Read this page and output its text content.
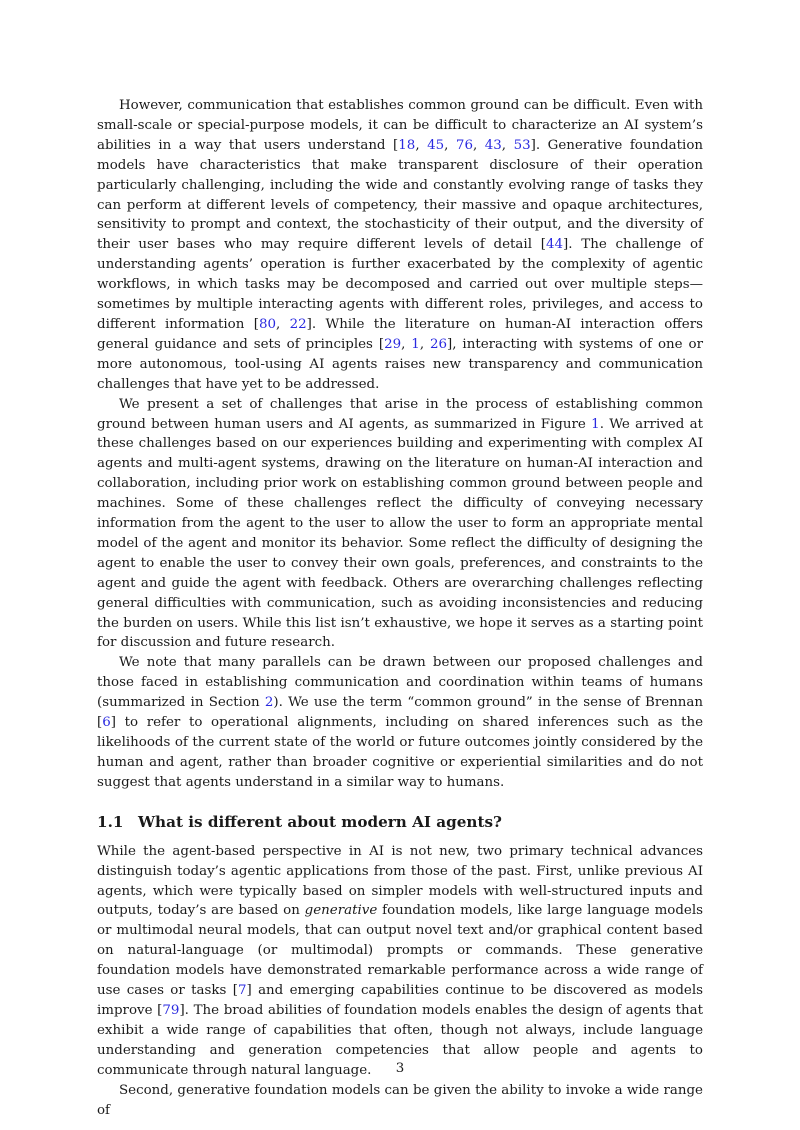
However, communication that establishes common ground can be difficult. Even with small-scale or special-purpose models, it can be difficult to characterize an AI system’s abilities in a way that users understand [18, 45, 76, 43, 53]. Generative foundation models have characteristics that make transparent disclosure of their operation particularly challenging, including the wide and constantly evolving range of tasks they can perform at different levels of competency, their massive and opaque architectures, sensitivity to prompt and context, the stochasticity of their output, and the diversity of their user bases who may require different levels of detail [44]. The challenge of understanding agents’ operation is further exacerbated by the complexity of agentic workflows, in which tasks may be decomposed and carried out over multiple steps—sometimes by multiple interacting agents with different roles, privileges, and access to different information [80, 22]. While the literature on human-AI interaction offers general guidance and sets of principles [29, 1, 26], interacting with systems of one or more autonomous, tool-using AI agents raises new transparency and communication challenges that have yet to be addressed.

We present a set of challenges that arise in the process of establishing common ground between human users and AI agents, as summarized in Figure 1. We arrived at these challenges based on our experiences building and experimenting with complex AI agents and multi-agent systems, drawing on the literature on human-AI interaction and collaboration, including prior work on establishing common ground between people and machines. Some of these challenges reflect the difficulty of conveying necessary information from the agent to the user to allow the user to form an appropriate mental model of the agent and monitor its behavior. Some reflect the difficulty of designing the agent to enable the user to convey their own goals, preferences, and constraints to the agent and guide the agent with feedback. Others are overarching challenges reflecting general difficulties with communication, such as avoiding inconsistencies and reducing the burden on users. While this list isn’t exhaustive, we hope it serves as a starting point for discussion and future research.

We note that many parallels can be drawn between our proposed challenges and those faced in establishing communication and coordination within teams of humans (summarized in Section 2). We use the term “common ground” in the sense of Brennan [6] to refer to operational alignments, including on shared inferences such as the likelihoods of the current state of the world or future outcomes jointly considered by the human and agent, rather than broader cognitive or experiential similarities and do not suggest that agents understand in a similar way to humans.

1.1 What is different about modern AI agents?

While the agent-based perspective in AI is not new, two primary technical advances distinguish today’s agentic applications from those of the past. First, unlike previous AI agents, which were typically based on simpler models with well-structured inputs and outputs, today’s are based on generative foundation models, like large language models or multimodal neural models, that can output novel text and/or graphical content based on natural-language (or multimodal) prompts or commands. These generative foundation models have demonstrated remarkable performance across a wide range of use cases or tasks [7] and emerging capabilities continue to be discovered as models improve [79]. The broad abilities of foundation models enables the design of agents that exhibit a wide range of capabilities that often, though not always, include language understanding and generation competencies that allow people and agents to communicate through natural language.

Second, generative foundation models can be given the ability to invoke a wide range of

3
